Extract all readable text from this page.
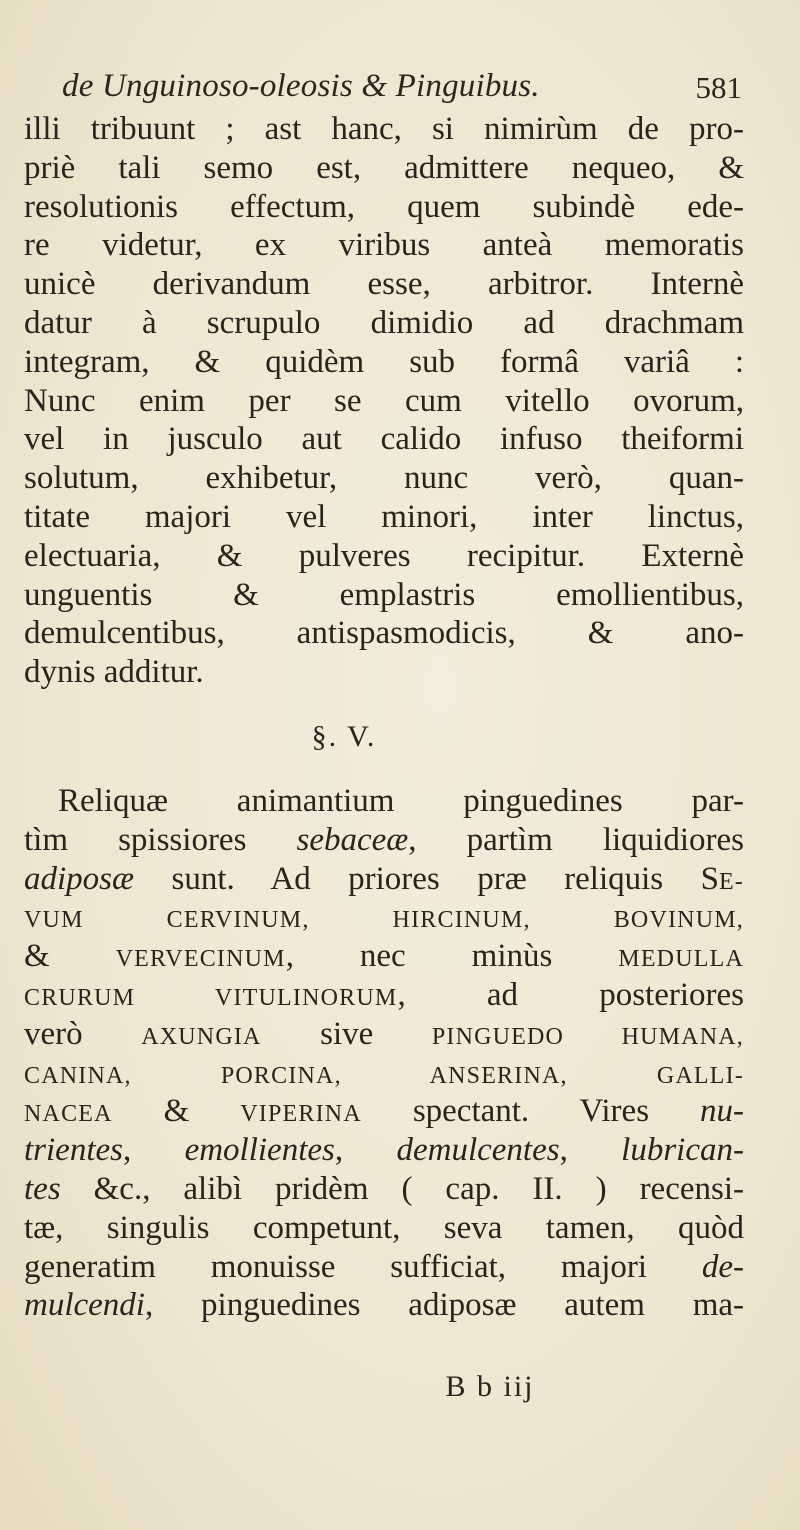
de Unguinoso-oleosis & Pinguibus.	581
illi tribuunt ; ast hanc, si nimirùm de pro-
priè tali semo est, admittere nequeo, &
resolutionis effectum, quem subindè ede-
re videtur, ex viribus anteà memoratis
unicè derivandum esse, arbitror. Internè
datur à scrupulo dimidio ad drachmam
integram, & quidèm sub formâ variâ :
Nunc enim per se cum vitello ovorum,
vel in jusculo aut calido infuso theiformi
solutum, exhibetur, nunc verò, quan-
titate majori vel minori, inter linctus,
electuaria, & pulveres recipitur. Externè
unguentis & emplastris emollientibus,
demulcentibus, antispasmodicis, & ano-
dynis additur.
§. V.
Reliquæ animantium pinguedines par-
tìm spissiores sebaceæ, partìm liquidiores
adiposæ sunt. Ad priores præ reliquis SE-
VUM CERVINUM, HIRCINUM, BOVINUM,
& VERVECINUM, nec minùs MEDULLA
CRURUM VITULINORUM, ad posteriores
verò AXUNGIA sive PINGUEDO HUMANA,
CANINA, PORCINA, ANSERINA, GALLI-
NACEA & VIPERINA spectant. Vires nu-
trientes, emollientes, demulcentes, lubrican-
tes &c., alibì pridèm ( cap. II. ) recensi-
tæ, singulis competunt, seva tamen, quòd
generatim monuisse sufficiat, majori de-
mulcendi, pinguedines adiposæ autem ma-
B b iij
